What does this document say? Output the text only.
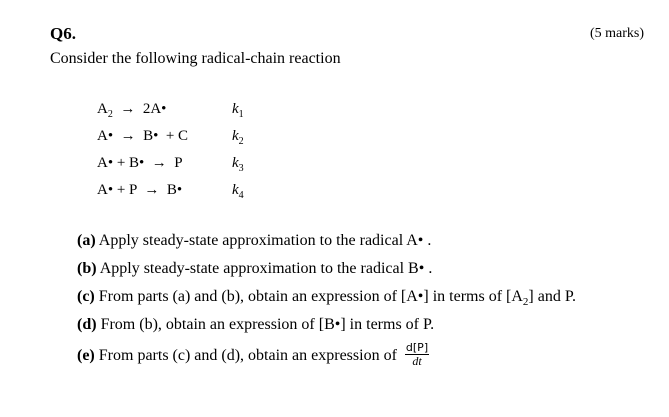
Q6.	(5 marks)
Consider the following radical-chain reaction
$A_2$  →  2A•	$k_1$
A•  →  B•  + C	$k_2$
A• + B•  →  P	$k_3$
A• + P  →  B•	$k_4$
(a) Apply steady-state approximation to the radical A• .
(b) Apply steady-state approximation to the radical B• .
(c) From parts (a) and (b), obtain an expression of [A•] in terms of $[A_2]$ and P.
(d) From (b), obtain an expression of [B•] in terms of P.
(e) From parts (c) and (d), obtain an expression of $\frac{d[P]}{dt}$
